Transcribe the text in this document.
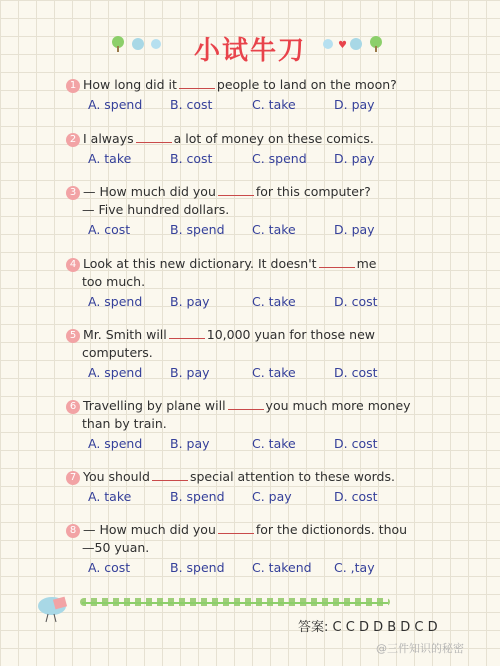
小试牛刀	♥
1 How long did it	people to land on the moon?
A. spend B. cost	C. take	D. pay
2 I always	a lot of money on these comics.
A. take	B. cost	C. spend D. pay
3 — How much did you	for this computer?
— Five hundred dollars.
A. cost	B. spend C. take	D. pay
4 Look at this new dictionary. It doesn't	me
too much.
A. spend B. pay	C. take	D. cost
5 Mr. Smith will	10,000 yuan for those new
computers.
A. spend B. pay	C. take	D. cost
6 Travelling by plane will	you much more money
than by train.
A. spend B. pay	C. take	D. cost
7 You should	special attention to these words.
A. take	B. spend C. pay	D. cost
8 — How much did you	for the dictionords. thou
—50 yuan.
A. cost	B. spend C. takend C. ,tay
答案: C C D D B D C D
@三件知识的秘密
